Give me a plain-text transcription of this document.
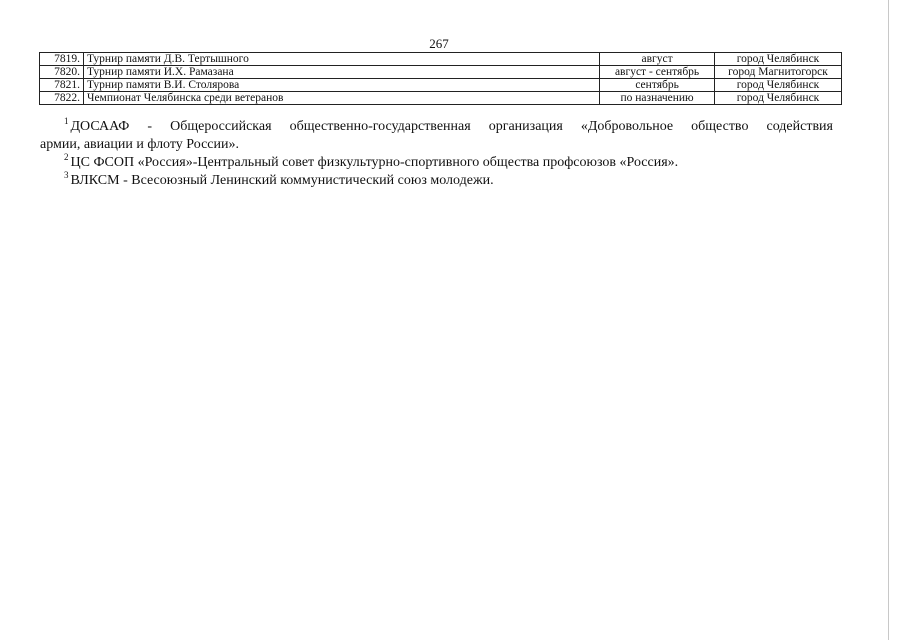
267
7819.	Турнир памяти Д.В. Тертышного	август	город Челябинск
7820.	Турнир памяти И.Х. Рамазана	август - сентябрь	город Магнитогорск
7821.	Турнир памяти В.И. Столярова	сентябрь	город Челябинск
7822.	Чемпионат Челябинска среди ветеранов	по назначению	город Челябинск

$^1$ ДОСААФ - Общероссийская общественно-государственная организация «Добровольное общество содействия

армии, авиации и флоту России».

$^2$ ЦС ФСОП «Россия»-Центральный совет физкультурно-спортивного общества профсоюзов «Россия».

$^3$ ВЛКСМ - Всесоюзный Ленинский коммунистический союз молодежи.
